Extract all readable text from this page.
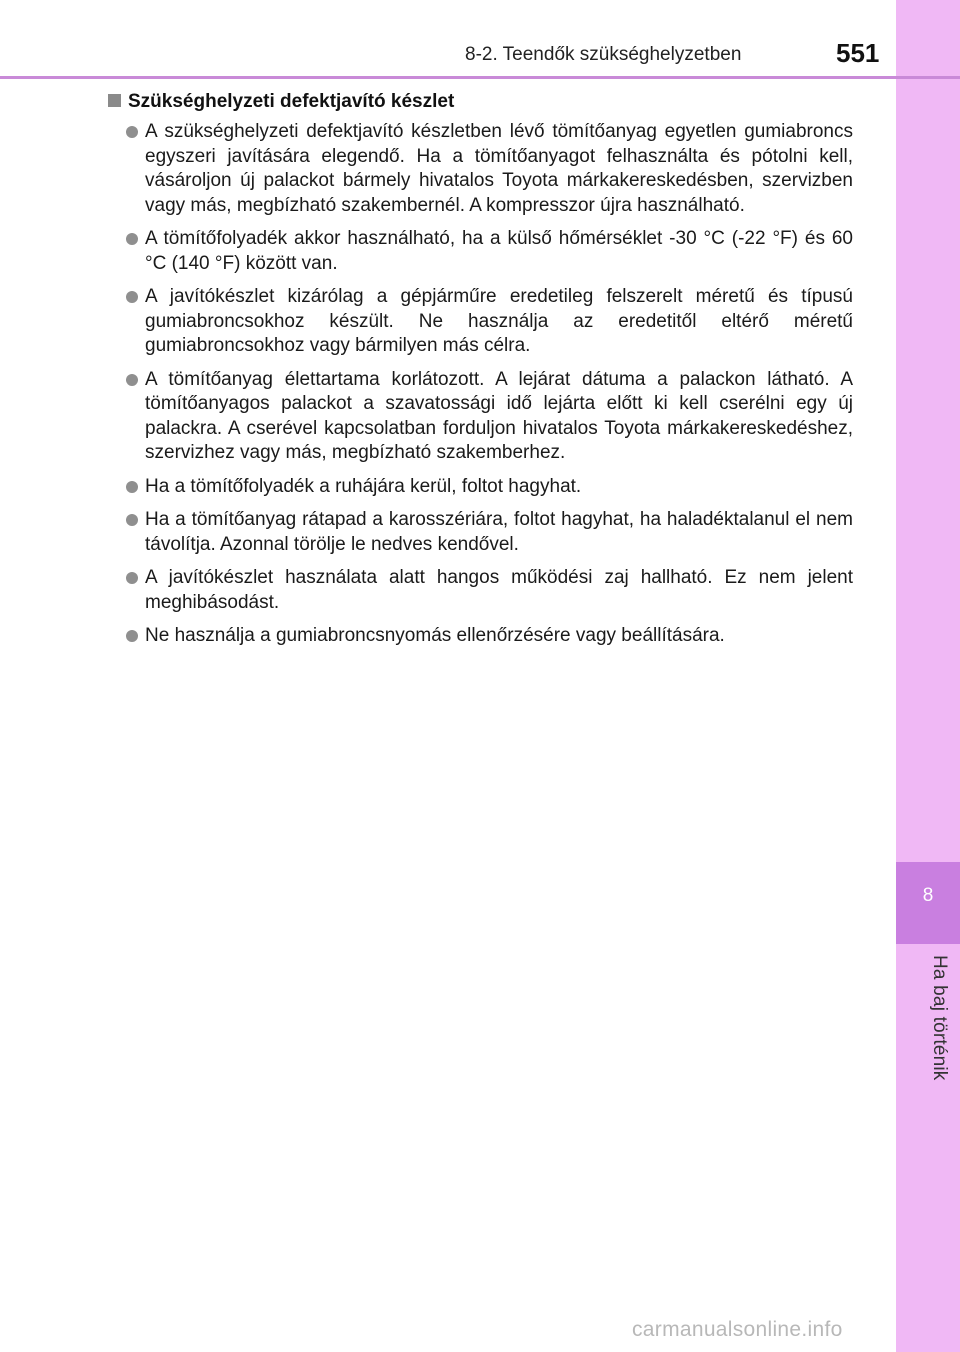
8
Ha baj történik
8-2. Teendők szükséghelyzetben	551
Szükséghelyzeti defektjavító készlet
A szükséghelyzeti defektjavító készletben lévő tömítőanyag egyetlen gumiabroncs egyszeri javítására elegendő. Ha a tömítőanyagot felhasználta és pótolni kell, vásároljon új palackot bármely hivatalos Toyota márkakereskedésben, szervizben vagy más, megbízható szakembernél. A kompresszor újra használható.
A tömítőfolyadék akkor használható, ha a külső hőmérséklet -30 °C (-22 °F) és 60 °C (140 °F) között van.
A javítókészlet kizárólag a gépjárműre eredetileg felszerelt méretű és típusú gumiabroncsokhoz készült. Ne használja az eredetitől eltérő méretű gumiabroncsokhoz vagy bármilyen más célra.
A tömítőanyag élettartama korlátozott. A lejárat dátuma a palackon látható. A tömítőanyagos palackot a szavatossági idő lejárta előtt ki kell cserélni egy új palackra. A cserével kapcsolatban forduljon hivatalos Toyota márkakereskedéshez, szervizhez vagy más, megbízható szakemberhez.
Ha a tömítőfolyadék a ruhájára kerül, foltot hagyhat.
Ha a tömítőanyag rátapad a karosszériára, foltot hagyhat, ha haladéktalanul el nem távolítja. Azonnal törölje le nedves kendővel.
A javítókészlet használata alatt hangos működési zaj hallható. Ez nem jelent meghibásodást.
Ne használja a gumiabroncsnyomás ellenőrzésére vagy beállítására.
carmanualsonline.info
